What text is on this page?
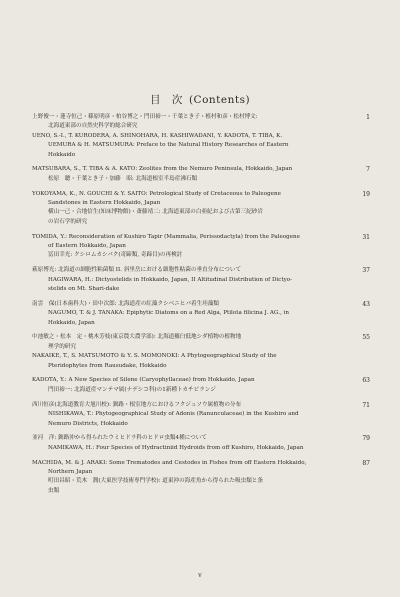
目　次 (Contents)
上野俊一・蓮寺恒己・篠原明彦・柏谷博之・門田裕一・千葉とき子・植村和彦・松村博文:
北海道東部の自然史科学的総合研究
UENO, S.-I., T. KURODERA, A. SHINOHARA, H. KASHIWADANI, Y. KADOTA, T. TIBA, K.
UEMURA & H. MATSUMURA: Preface to the Natural History Researches of Eastern
Hokkaido
1
MATSUBARA, S., T. TIBA & A. KATO: Zeolites from the Nemuro Peninsula, Hokkaido, Japan
松原　聰・千葉とき子・加藤　昭: 北海道根室半島産沸石類
7
YOKOYAMA, K., N. GOUCHI & Y. SAITO: Petrological Study of Cretaceous to Paleogene
Sandstones in Eastern Hokkaido, Japan
横山一己・合地信生(知床博物館)・斎藤靖二: 北海道東部の白亜紀および古第三紀砂岩
の岩石学的研究
19
TOMIDA, Y.: Reconsideration of Kushiro Tapir (Mammalia, Perissodactyla) from the Paleogene
of Eastern Hokkaido, Japan
冨田幸光: クシロムカシバク(奇蹄類, 奇蹄目)の再検討
31
萩原博光: 北海道の細胞性粘菌類 II. 斜里岳における細胞性粘菌の垂直分布について
HAGIWARA, H.: Dictyostelids in Hokkaido, Japan, II Altitudinal Distribution of Dictyo-
stelids on Mt. Shari-dake
37
南雲　保(日本歯科大)・田中次郎: 北海道産の紅藻クシベニヒバ着生珪藻類
NAGUMO, T. & J. TANAKA: Epiphytic Diatoms on a Red Alga, Ptilota filicina J. AG., in
Hokkaido, Japan
43
中池敏之・松本　定・桃木芳枝(東京農大農学部): 北海道羅臼低地シダ植物の植物地
理学的研究
NAKAIKE, T., S. MATSUMOTO & Y. S. MOMONOKI: A Phytogeographical Study of the
Pteridophytes from Rausudake, Hokkaido
55
KADOTA, Y.: A New Species of Silene (Caryophyllaceae) from Hokkaido, Japan
門田裕一: 北海道産マンテマ属(ナデシコ科)の1新種トカチビランジ
63
西川恒彦(北海道教育大旭川校): 釧路・根室地方におけるフクジュソウ属植物の分布
NISHIKAWA, T.: Phytogeographical Study of Adonis (Ranunculaceae) in the Kushiro and
Nemuro Districts, Hokkaido
71
並河　洋: 釧路沖から得られたウミヒドラ科のヒドロ虫類4種について
NAMIKAWA, H.: Four Species of Hydractiniid Hydroids from off Kushiro, Hokkaido, Japan
79
MACHIDA, M. & J. ARAKI: Some Trematodes and Cestodes in Fishes from off Eastern Hokkaido,
Northern Japan
町田昌昭・荒木　潤(大東医学技術専門学校): 道東沖の海産魚から得られた吸虫類と条
虫類
87
v
